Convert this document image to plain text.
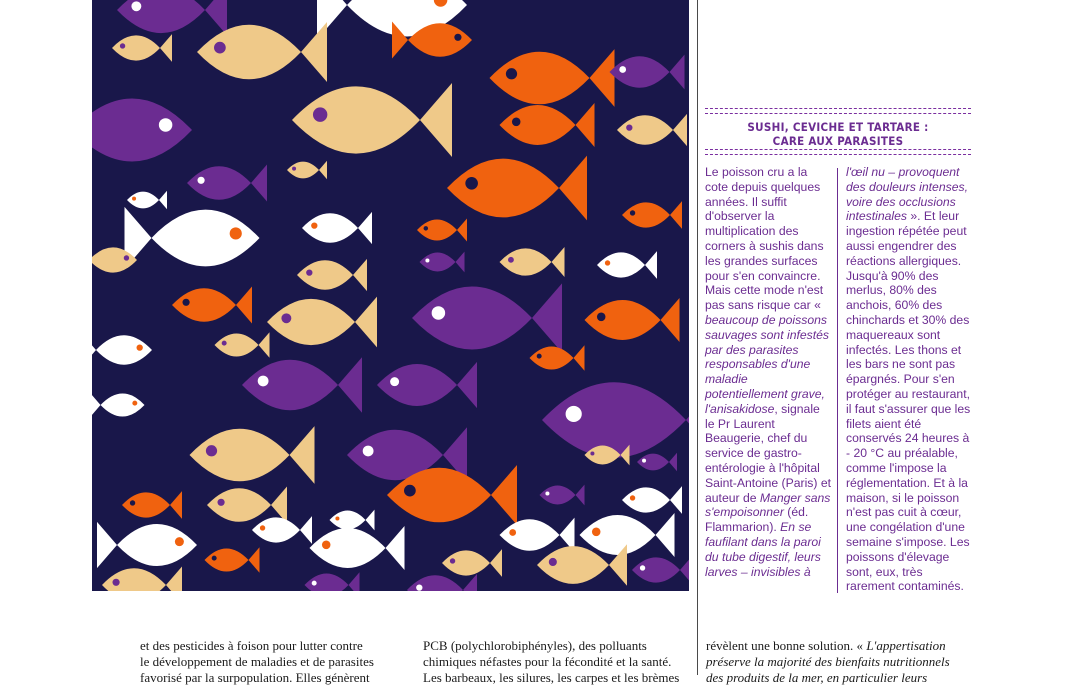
SUSHI, CEVICHE ET TARTARE :
CARE AUX PARASITES

Le poisson cru a la cote depuis quelques années. Il suffit d'observer la multiplication des corners à sushis dans les grandes surfaces pour s'en convaincre.

Mais cette mode n'est pas sans risque car « beaucoup de poissons sauvages sont infestés par des parasites responsables d'une maladie potentiellement grave, l'anisakidose, signale le Pr Laurent Beaugerie, chef du service de gastro-entérologie à l'hôpital Saint-Antoine (Paris) et auteur de Manger sans s'empoisonner (éd. Flammarion). En se faufilant dans la paroi du tube digestif, leurs larves – invisibles à

l'œil nu – provoquent des douleurs intenses, voire des occlusions intestinales ». Et leur ingestion répétée peut aussi engendrer des réactions allergiques. Jusqu'à 90% des merlus, 80% des anchois, 60% des chinchards et 30% des maquereaux sont infectés. Les thons et les bars ne sont pas épargnés. Pour s'en protéger au restaurant, il faut s'assurer que les filets aient été conservés 24 heures à - 20 °C au préalable, comme l'impose la réglementation. Et à la maison, si le poisson n'est pas cuit à cœur, une congélation d'une semaine s'impose. Les poissons d'élevage sont, eux, très rarement contaminés.

et des pesticides à foison pour lutter contre

le développement de maladies et de parasites

favorisé par la surpopulation. Elles génèrent

PCB (polychlorobiphényles), des polluants

chimiques néfastes pour la fécondité et la santé.

Les barbeaux, les silures, les carpes et les brèmes

révèlent une bonne solution. « L'appertisation

préserve la majorité des bienfaits nutritionnels

des produits de la mer, en particulier leurs
